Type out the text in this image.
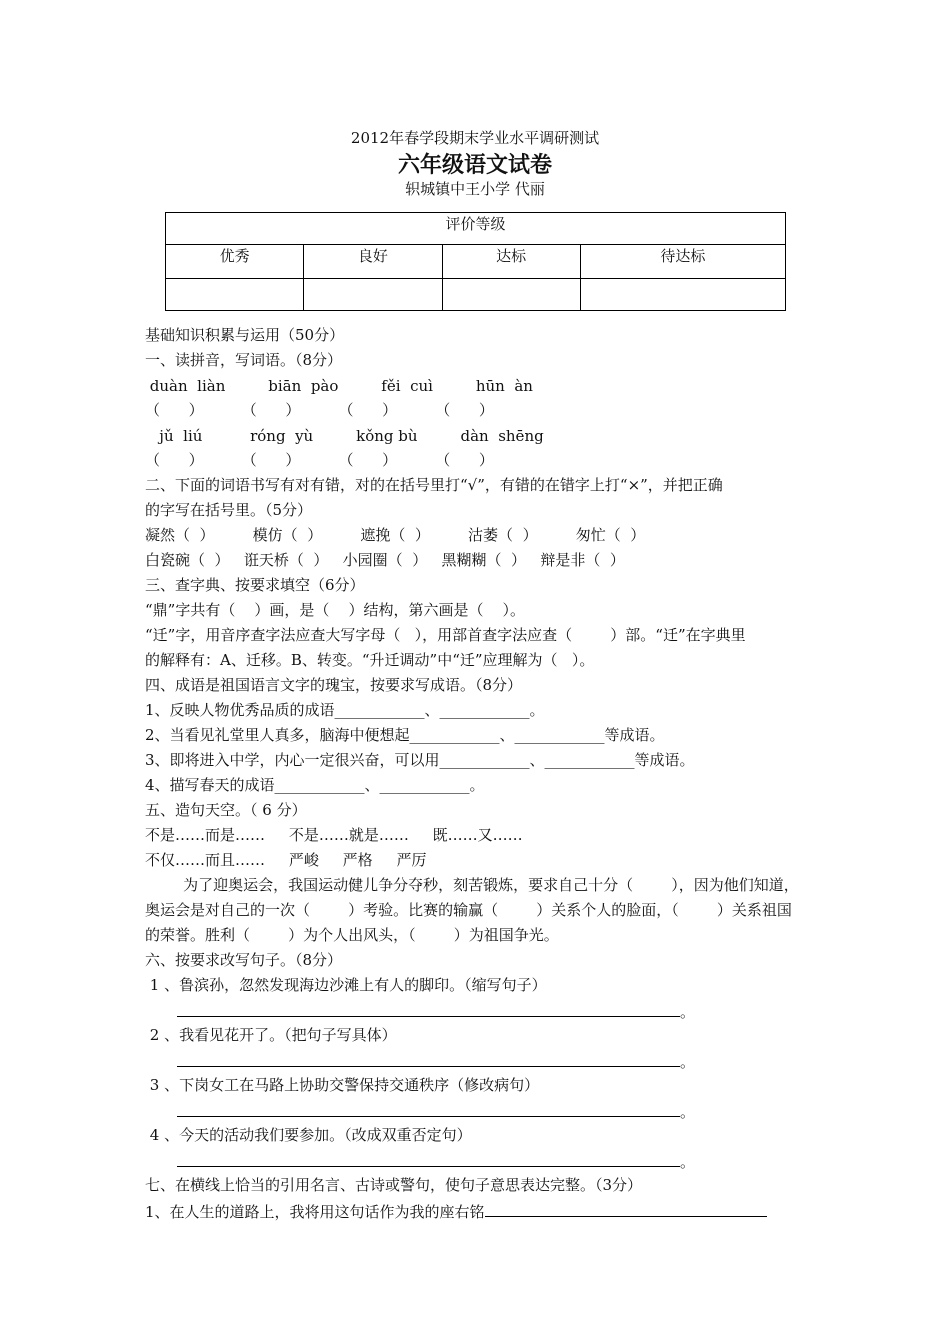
2012年春学段期末学业水平调研测试
六年级语文试卷
轵城镇中王小学 代丽
评价等级			
优秀	良好	达标	待达标

基础知识积累与运用（50分）
一、读拼音，写词语。（8分）
duàn  liàn         biān  pào         fěi  cuì         hūn  àn
（      ）        （      ）        （      ）        （      ）
jǔ  liú          róng  yù         kǒng bù         dàn  shēng
（      ）        （      ）        （      ）        （      ）
二、下面的词语书写有对有错，对的在括号里打“√”，有错的在错字上打“×”，并把正确
的字写在括号里。（5分）
凝然（  ）        模仿（  ）        遮挽（  ）        沽萎（  ）        匆忙（  ）
白瓷碗（  ）   诳天桥（  ）   小园圈（  ）   黑糊糊（  ）   辩是非（  ）
三、查字典、按要求填空（6分）
“鼎”字共有（    ）画，是（    ）结构，第六画是（    ）。
“迁”字，用音序查字法应查大写字母（   ），用部首查字法应查（        ）部。“迁”在字典里
的解释有：A、迁移。B、转变。“升迁调动”中“迁”应理解为（   ）。
四、成语是祖国语言文字的瑰宝，按要求写成语。（8分）
1、反映人物优秀品质的成语____________、____________。
2、当看见礼堂里人真多，脑海中便想起____________、____________等成语。
3、即将进入中学，内心一定很兴奋，可以用____________、____________等成语。
4、描写春天的成语____________、____________。
五、造句天空。（ 6 分）
不是……而是……     不是……就是……     既……又……
不仅……而且……     严峻     严格     严厉
为了迎奥运会，我国运动健儿争分夺秒，刻苦锻炼，要求自己十分（        ），因为他们知道，
奥运会是对自己的一次（        ）考验。比赛的输赢（        ）关系个人的脸面，（        ）关系祖国
的荣誉。胜利（        ）为个人出风头，（        ）为祖国争光。
六、按要求改写句子。（8分）
1 、鲁滨孙，忽然发现海边沙滩上有人的脚印。（缩写句子）
。
2 、我看见花开了。（把句子写具体）
。
3 、下岗女工在马路上协助交警保持交通秩序（修改病句）
。
4 、今天的活动我们要参加。（改成双重否定句）
。
七、在横线上恰当的引用名言、古诗或警句，使句子意思表达完整。（3分）
1、在人生的道路上，我将用这句话作为我的座右铭
